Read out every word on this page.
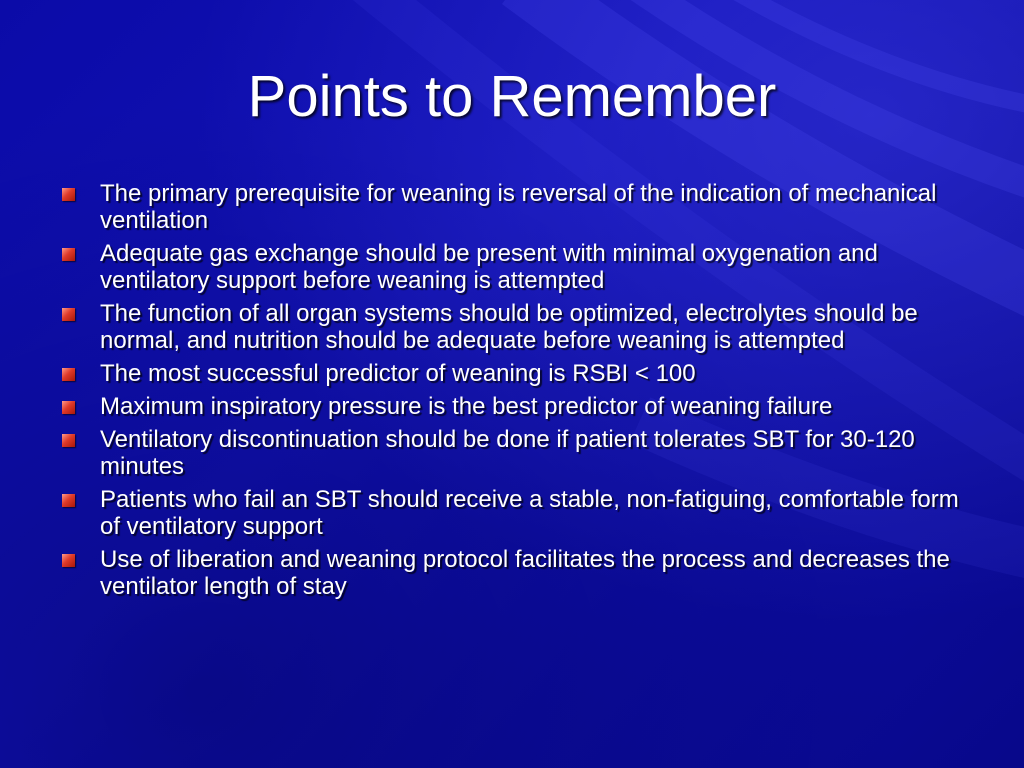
Points to Remember
The primary prerequisite for weaning is reversal of the indication of mechanical ventilation
Adequate gas exchange should be present with minimal oxygenation and ventilatory support before weaning is attempted
The function of all organ systems should be optimized, electrolytes should be normal, and nutrition should be adequate before weaning is attempted
The most successful predictor of weaning is RSBI < 100
Maximum inspiratory pressure is the best predictor of weaning failure
Ventilatory discontinuation should be done if patient tolerates SBT for 30-120 minutes
Patients who fail an SBT should receive a stable, non-fatiguing, comfortable form of ventilatory support
Use of liberation and weaning protocol facilitates the process and decreases the ventilator length of stay
